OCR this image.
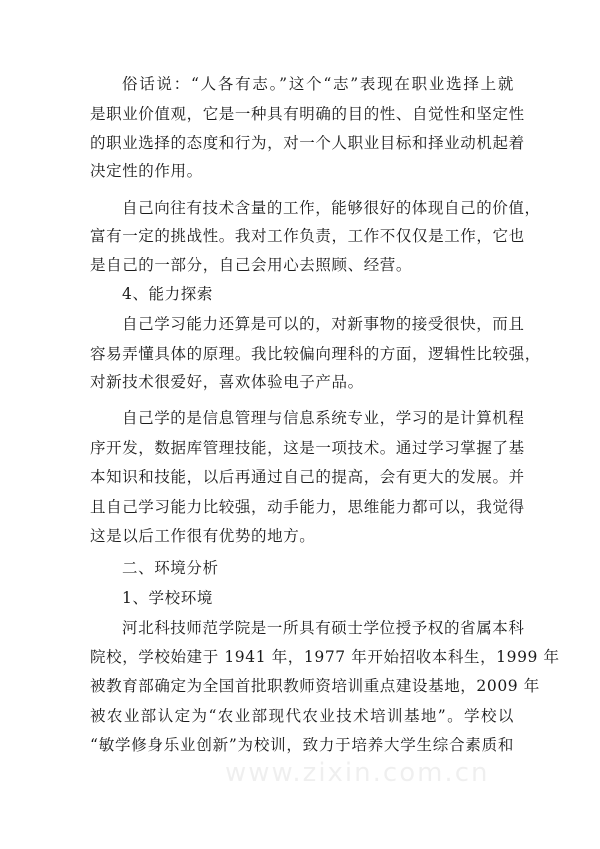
俗话说：“人各有志。”这个“志”表现在职业选择上就
是职业价值观，它是一种具有明确的目的性、自觉性和坚定性
的职业选择的态度和行为，对一个人职业目标和择业动机起着
决定性的作用。
自己向往有技术含量的工作，能够很好的体现自己的价值，
富有一定的挑战性。我对工作负责，工作不仅仅是工作，它也
是自己的一部分，自己会用心去照顾、经营。
4、能力探索
自己学习能力还算是可以的，对新事物的接受很快，而且
容易弄懂具体的原理。我比较偏向理科的方面，逻辑性比较强，
对新技术很爱好，喜欢体验电子产品。
自己学的是信息管理与信息系统专业，学习的是计算机程
序开发，数据库管理技能，这是一项技术。通过学习掌握了基
本知识和技能，以后再通过自己的提高，会有更大的发展。并
且自己学习能力比较强，动手能力，思维能力都可以，我觉得
这是以后工作很有优势的地方。
二、环境分析
1、学校环境
河北科技师范学院是一所具有硕士学位授予权的省属本科
院校，学校始建于 1941 年，1977 年开始招收本科生，1999 年
被教育部确定为全国首批职教师资培训重点建设基地，2009 年
被农业部认定为“农业部现代农业技术培训基地”。学校以
“敏学修身乐业创新”为校训，致力于培养大学生综合素质和
www.zixin.com.cn
